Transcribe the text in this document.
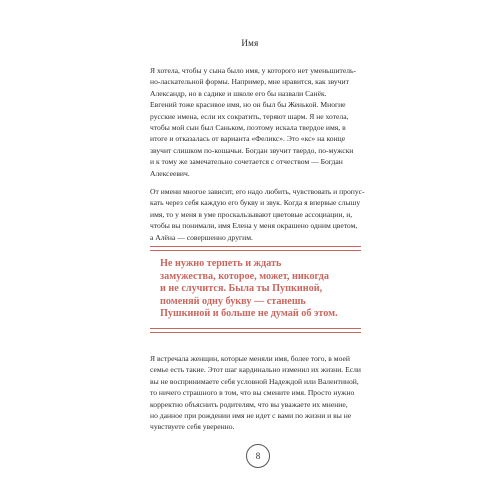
Имя
Я хотела, чтобы у сына было имя, у которого нет уменьшитель-
но-ласкательной формы. Например, мне нравится, как звучит
Александр, но в садике и школе его бы назвали Санёк.
Евгений тоже красивое имя, но он был бы Женькой. Многие
русские имена, если их сократить, теряют шарм. Я не хотела,
чтобы мой сын был Саньком, поэтому искала твердое имя, в
итоге и отказалась от варианта «Феликс». Это «кс» на конце
звучит слишком по-кошачьи. Богдан звучит твердо, по-мужски
и к тому же замечательно сочетается с отчеством — Богдан
Алексеевич.
От имени многое зависит, его надо любить, чувствовать и пропус-
кать через себя каждую его букву и звук. Когда я впервые слышу
имя, то у меня в уме проскальзывают цветовые ассоциации, и,
чтобы вы понимали, имя Елена у меня окрашено одним цветом,
а Алёна — совершенно другим.
Не нужно терпеть и ждать
замужества, которое, может, никогда
и не случится. Была ты Пупкиной,
поменяй одну букву — станешь
Пушкиной и больше не думай об этом.
Я встречала женщин, которые меняли имя, более того, в моей
семье есть такие. Этот шаг кардинально изменил их жизни. Если
вы не воспринимаете себя условной Надеждой или Валентиной,
то ничего страшного в том, что вы смените имя. Просто нужно
корректно объяснить родителям, что вы уважаете их мнение,
но данное при рождении имя не идет с вами по жизни и вы не
чувствуете себя уверенно.
8
